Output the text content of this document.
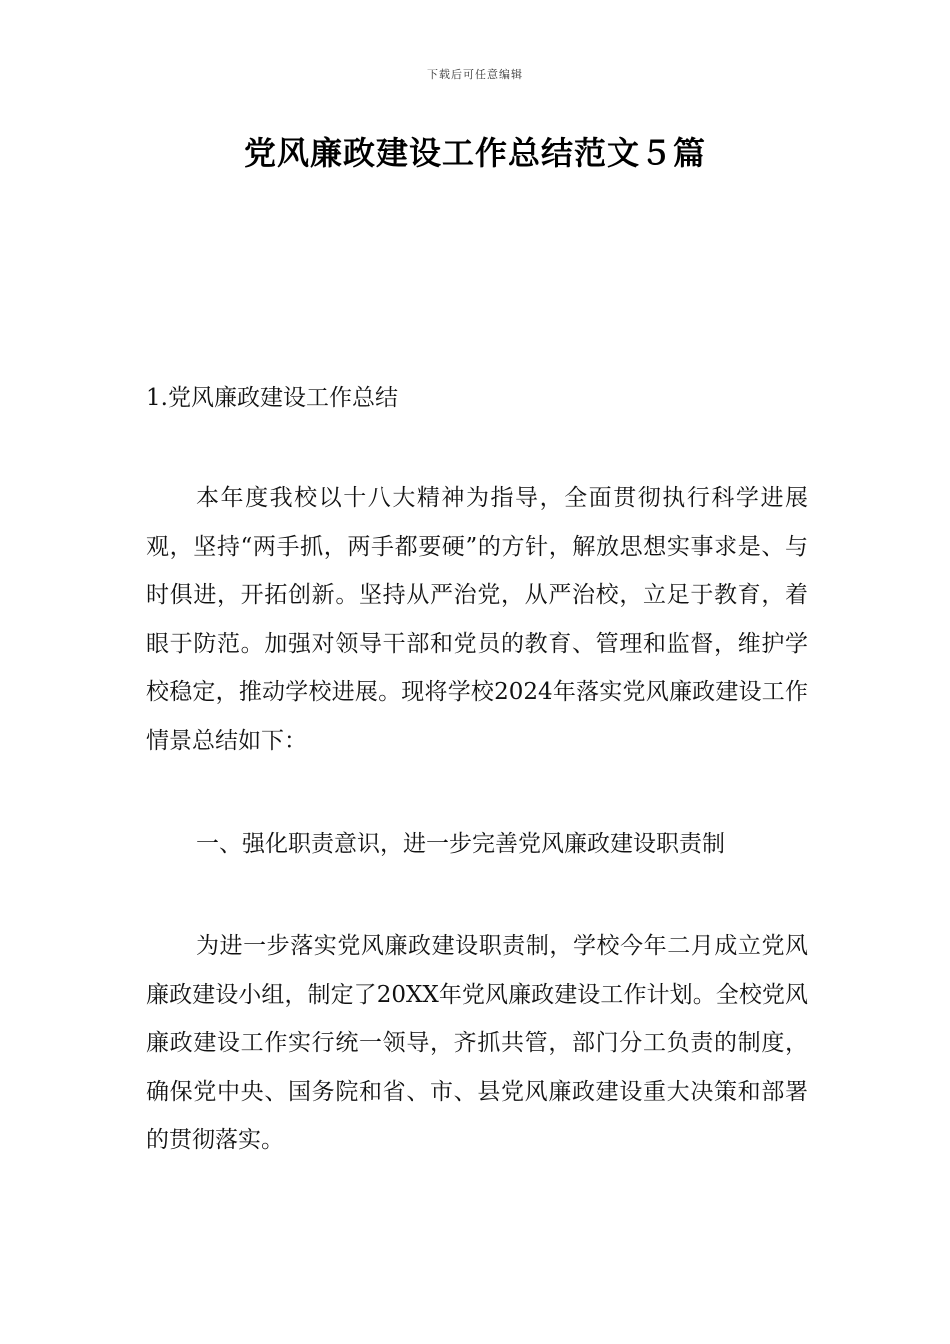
下载后可任意编辑
党风廉政建设工作总结范文５篇

1.党风廉政建设工作总结

本年度我校以十八大精神为指导，全面贯彻执行科学进展观，坚持“两手抓，两手都要硬”的方针，解放思想实事求是、与时俱进，开拓创新。坚持从严治党，从严治校，立足于教育，着眼于防范。加强对领导干部和党员的教育、管理和监督，维护学校稳定，推动学校进展。现将学校2024年落实党风廉政建设工作情景总结如下：

一、强化职责意识，进一步完善党风廉政建设职责制

为进一步落实党风廉政建设职责制，学校今年二月成立党风廉政建设小组，制定了20XX年党风廉政建设工作计划。全校党风廉政建设工作实行统一领导，齐抓共管，部门分工负责的制度，确保党中央、国务院和省、市、县党风廉政建设重大决策和部署的贯彻落实。
